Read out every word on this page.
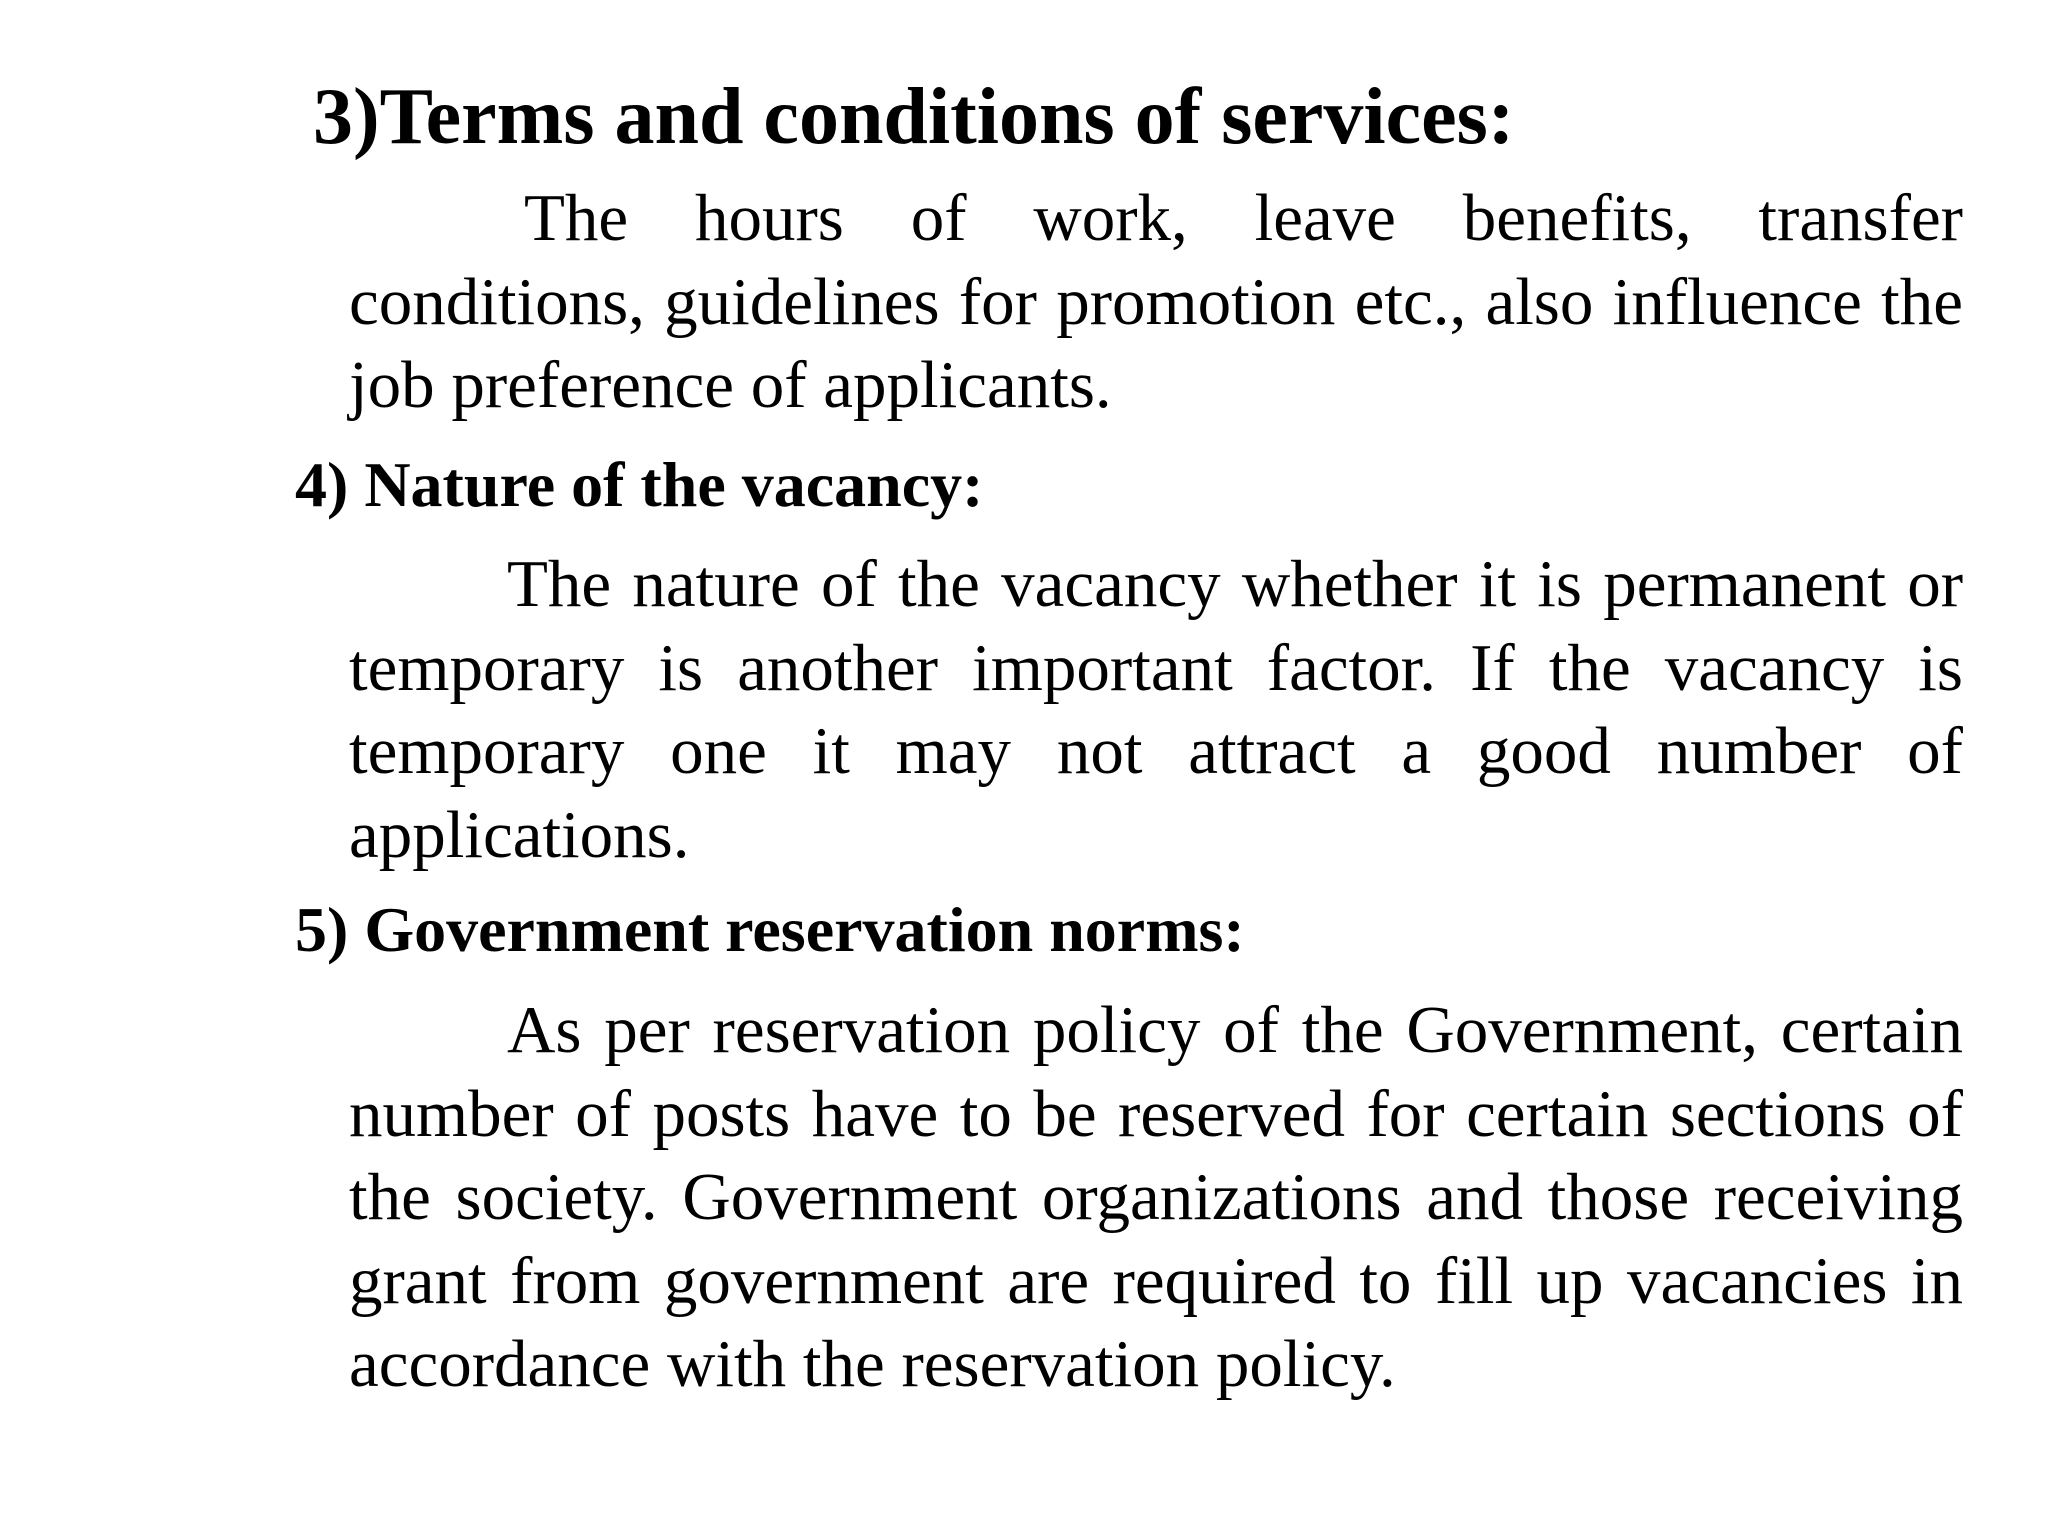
3)Terms and conditions of services:

The hours of work, leave benefits, transfer conditions, guidelines for promotion etc., also influence the job preference of applicants.

4) Nature of the vacancy:

The nature of the vacancy whether it is permanent or temporary is another important factor. If the vacancy is temporary one it may not attract a good number of applications.

5) Government reservation norms:

As per reservation policy of the Government, certain number of posts have to be reserved for certain sections of the society. Government organizations and those receiving grant from government are required to fill up vacancies in accordance with the reservation policy.
